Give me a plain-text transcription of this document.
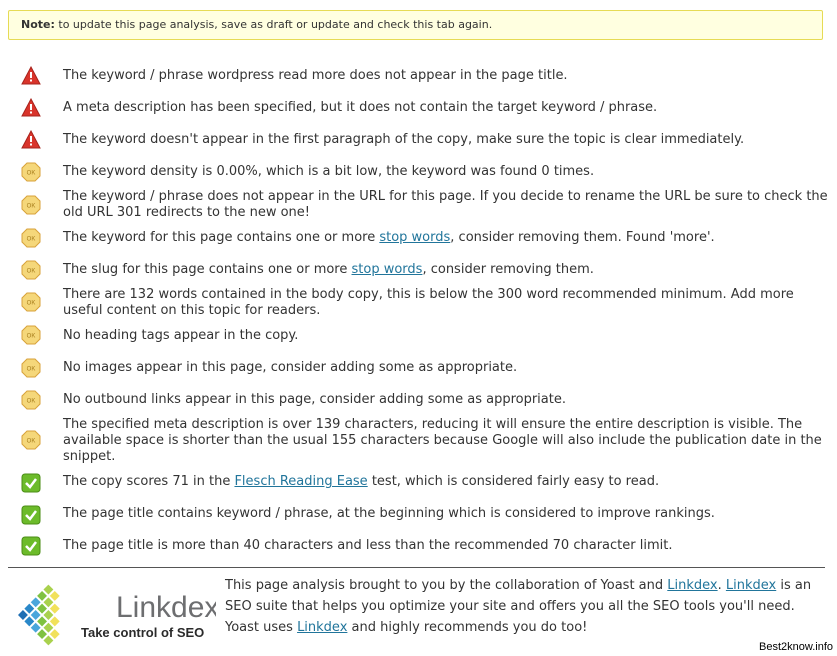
Note: to update this page analysis, save as draft or update and check this tab again.
The keyword / phrase wordpress read more does not appear in the page title.
A meta description has been specified, but it does not contain the target keyword / phrase.
The keyword doesn't appear in the first paragraph of the copy, make sure the topic is clear immediately.
OK The keyword density is 0.00%, which is a bit low, the keyword was found 0 times.
OK
The keyword / phrase does not appear in the URL for this page. If you decide to rename the URL be sure to check the old URL 301 redirects to the new one!
OK The keyword for this page contains one or more stop words, consider removing them. Found 'more'.
OK The slug for this page contains one or more stop words, consider removing them.
OK
There are 132 words contained in the body copy, this is below the 300 word recommended minimum. Add more useful content on this topic for readers.
OK No heading tags appear in the copy.
OK No images appear in this page, consider adding some as appropriate.
OK No outbound links appear in this page, consider adding some as appropriate.
OK
The specified meta description is over 139 characters, reducing it will ensure the entire description is visible. The available space is shorter than the usual 155 characters because Google will also include the publication date in the snippet.
The copy scores 71 in the Flesch Reading Ease test, which is considered fairly easy to read.
The page title contains keyword / phrase, at the beginning which is considered to improve rankings.
The page title is more than 40 characters and less than the recommended 70 character limit.
Linkdex
Take control of SEO
This page analysis brought to you by the collaboration of Yoast and Linkdex. Linkdex is an SEO suite that helps you optimize your site and offers you all the SEO tools you'll need. Yoast uses Linkdex and highly recommends you do too!
Best2know.info
